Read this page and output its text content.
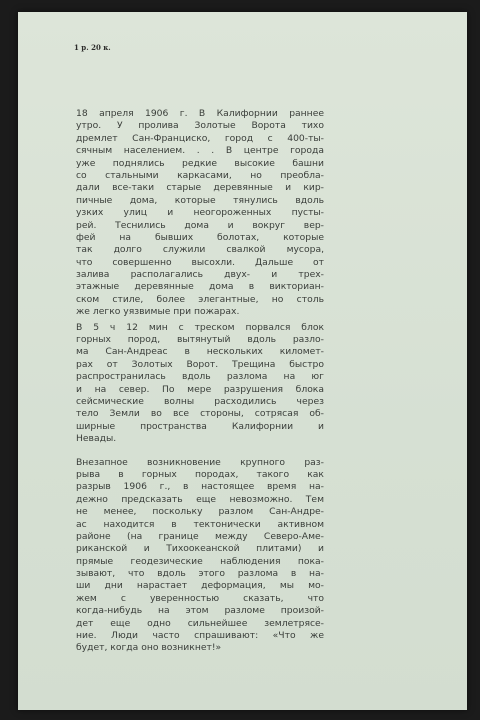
1 р. 20 к.
18 апреля 1906 г. В Калифорнии раннее
утро. У пролива Золотые Ворота тихо
дремлет Сан-Франциско, город с 400-ты-
сячным населением. . . В центре города
уже поднялись редкие высокие башни
со стальными каркасами, но преобла-
дали все-таки старые деревянные и кир-
пичные дома, которые тянулись вдоль
узких улиц и неогороженных пусты-
рей. Теснились дома и вокруг вер-
фей на бывших болотах, которые
так долго служили свалкой мусора,
что совершенно высохли. Дальше от
залива располагались двух- и трех-
этажные деревянные дома в викториан-
ском стиле, более элегантные, но столь
же легко уязвимые при пожарах.
В 5 ч 12 мин с треском порвался блок
горных пород, вытянутый вдоль разло-
ма Сан-Андреас в нескольких километ-
рах от Золотых Ворот. Трещина быстро
распространилась вдоль разлома на юг
и на север. По мере разрушения блока
сейсмические волны расходились через
тело Земли во все стороны, сотрясая об-
ширные пространства Калифорнии и
Невады.
Внезапное возникновение крупного раз-
рыва в горных породах, такого как
разрыв 1906 г., в настоящее время на-
дежно предсказать еще невозможно. Тем
не менее, поскольку разлом Сан-Андре-
ас находится в тектонически активном
районе (на границе между Северо-Аме-
риканской и Тихоокеанской плитами) и
прямые геодезические наблюдения пока-
зывают, что вдоль этого разлома в на-
ши дни нарастает деформация, мы мо-
жем с уверенностью сказать, что
когда-нибудь на этом разломе произой-
дет еще одно сильнейшее землетрясе-
ние. Люди часто спрашивают: «Что же
будет, когда оно возникнет!»
